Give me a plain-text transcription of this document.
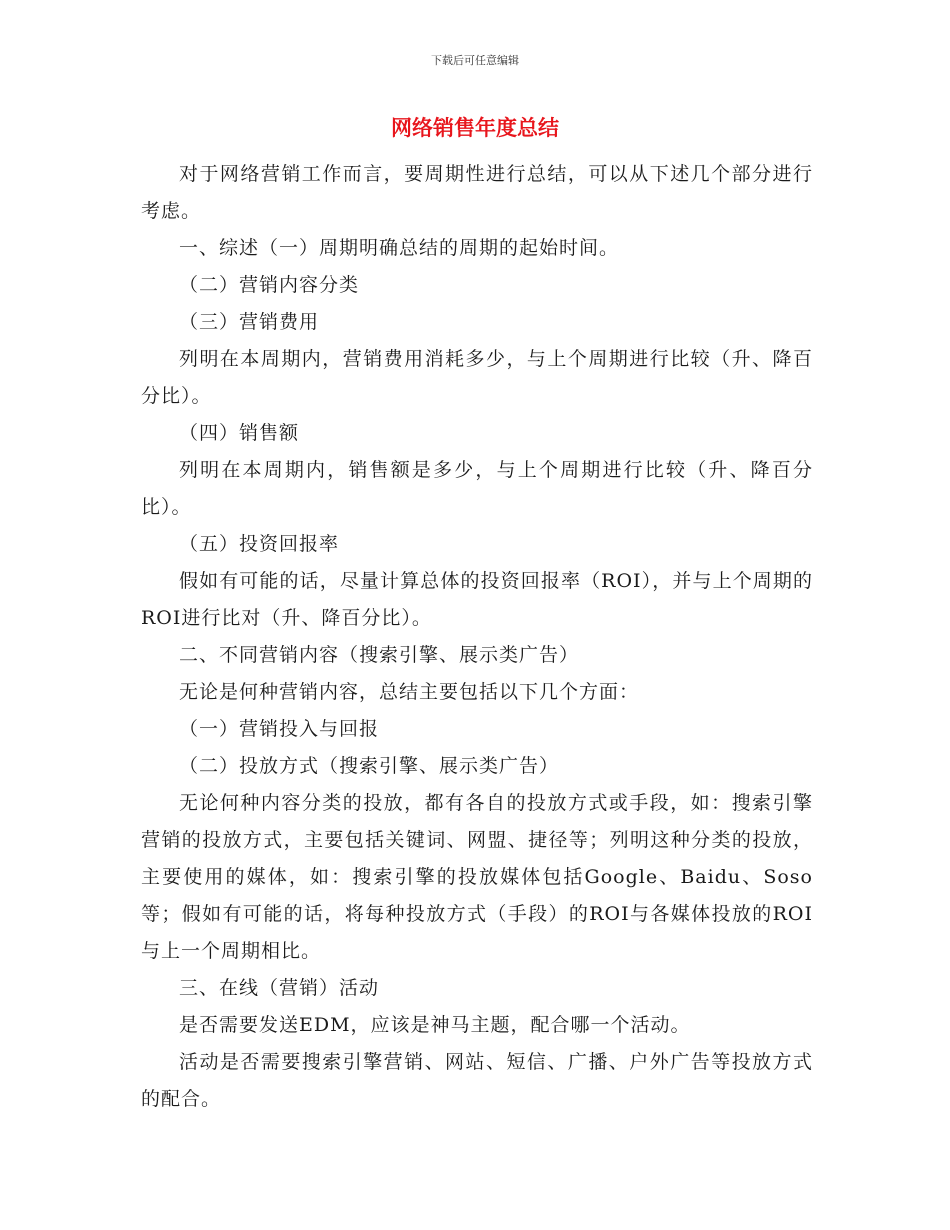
下载后可任意编辑
网络销售年度总结

对于网络营销工作而言，要周期性进行总结，可以从下述几个部分进行考虑。

一、综述（一）周期明确总结的周期的起始时间。

（二）营销内容分类

（三）营销费用

列明在本周期内，营销费用消耗多少，与上个周期进行比较（升、降百分比）。

（四）销售额

列明在本周期内，销售额是多少，与上个周期进行比较（升、降百分比）。

（五）投资回报率

假如有可能的话，尽量计算总体的投资回报率（ROI），并与上个周期的ROI进行比对（升、降百分比）。

二、不同营销内容（搜索引擎、展示类广告）

无论是何种营销内容，总结主要包括以下几个方面：

（一）营销投入与回报

（二）投放方式（搜索引擎、展示类广告）

无论何种内容分类的投放，都有各自的投放方式或手段，如：搜索引擎营销的投放方式，主要包括关键词、网盟、捷径等；列明这种分类的投放，主要使用的媒体，如：搜索引擎的投放媒体包括Google、Baidu、Soso等；假如有可能的话，将每种投放方式（手段）的ROI与各媒体投放的ROI与上一个周期相比。

三、在线（营销）活动

是否需要发送EDM，应该是神马主题，配合哪一个活动。

活动是否需要搜索引擎营销、网站、短信、广播、户外广告等投放方式的配合。
